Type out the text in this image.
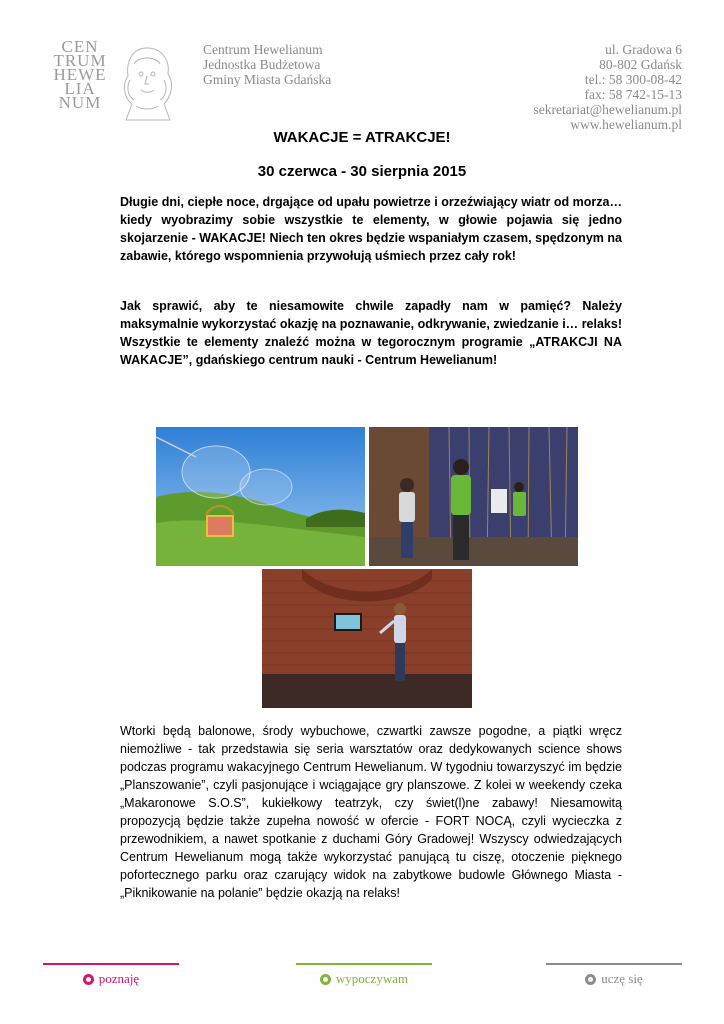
CEN
TRUM
HEWE
LIA
NUM
Centrum Hewelianum
Jednostka Budżetowa
Gminy Miasta Gdańska
ul. Gradowa 6
80-802 Gdańsk
tel.: 58 300-08-42
fax: 58 742-15-13
sekretariat@hewelianum.pl
www.hewelianum.pl
WAKACJE = ATRAKCJE!
30 czerwca - 30 sierpnia 2015
Długie dni, ciepłe noce, drgające od upału powietrze i orzeźwiający wiatr od morza… kiedy wyobrazimy sobie wszystkie te elementy, w głowie pojawia się jedno skojarzenie - WAKACJE! Niech ten okres będzie wspaniałym czasem, spędzonym na zabawie, którego wspomnienia przywołują uśmiech przez cały rok!
Jak sprawić, aby te niesamowite chwile zapadły nam w pamięć? Należy maksymalnie wykorzystać okazję na poznawanie, odkrywanie, zwiedzanie i… relaks! Wszystkie te elementy znaleźć można w tegorocznym programie „ATRAKCJI NA WAKACJE”, gdańskiego centrum nauki - Centrum Hewelianum!
Wtorki będą balonowe, środy wybuchowe, czwartki zawsze pogodne, a piątki wręcz niemożliwe - tak przedstawia się seria warsztatów oraz dedykowanych science shows podczas programu wakacyjnego Centrum Hewelianum. W tygodniu towarzyszyć im będzie „Planszowanie”, czyli pasjonujące i wciągające gry planszowe. Z kolei w weekendy czeka „Makaronowe S.O.S”, kukiełkowy teatrzyk, czy świet(l)ne zabawy! Niesamowitą propozycją będzie także zupełna nowość w ofercie - FORT NOCĄ, czyli wycieczka z przewodnikiem, a nawet spotkanie z duchami Góry Gradowej! Wszyscy odwiedzających Centrum Hewelianum mogą także wykorzystać panującą tu ciszę, otoczenie pięknego pofortecznego parku oraz czarujący widok na zabytkowe budowle Głównego Miasta - „Piknikowanie na polanie” będzie okazją na relaks!
poznaję	wypoczywam	uczę się
